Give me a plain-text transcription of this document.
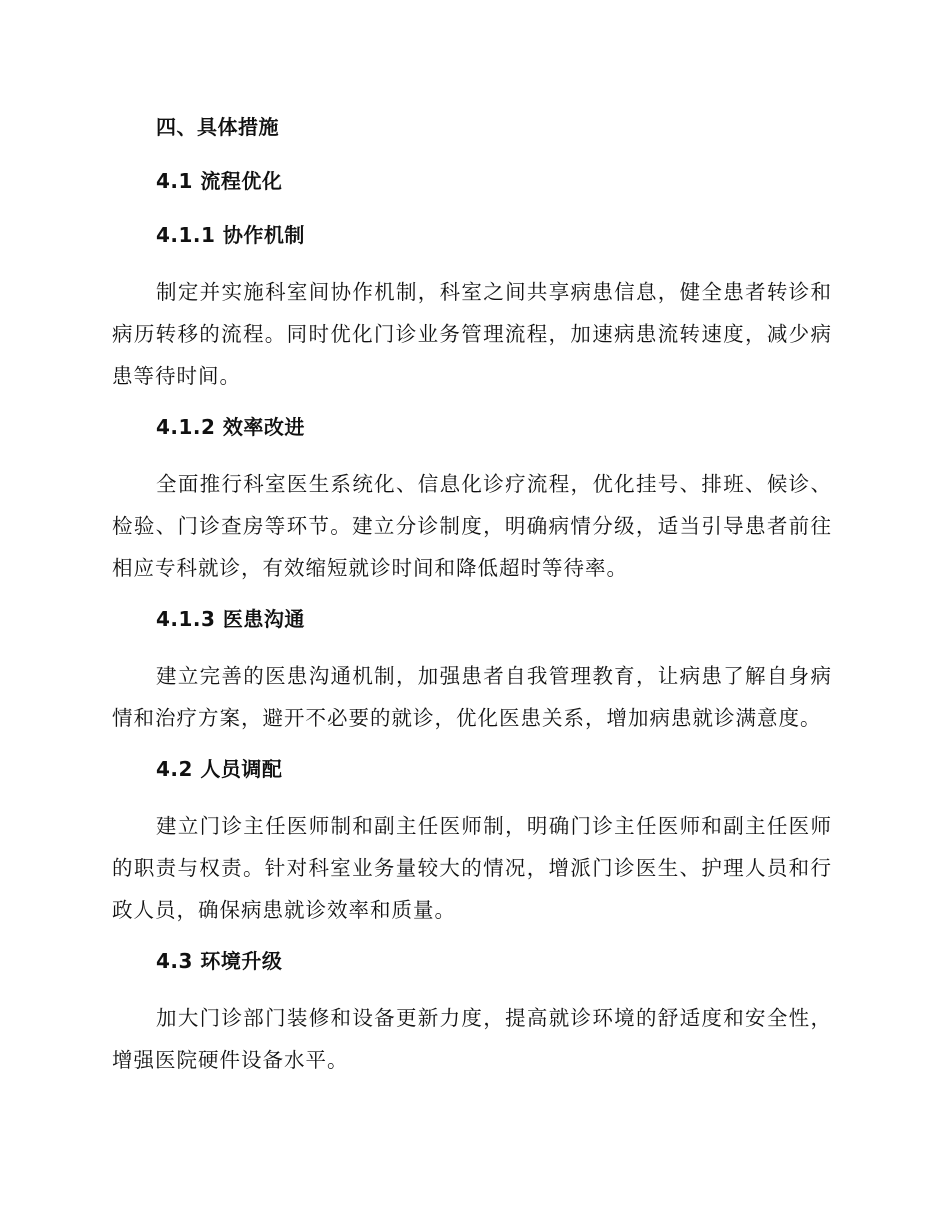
四、具体措施
4.1 流程优化
4.1.1 协作机制
制定并实施科室间协作机制，科室之间共享病患信息，健全患者转诊和病历转移的流程。同时优化门诊业务管理流程，加速病患流转速度，减少病患等待时间。
4.1.2 效率改进
全面推行科室医生系统化、信息化诊疗流程，优化挂号、排班、候诊、检验、门诊查房等环节。建立分诊制度，明确病情分级，适当引导患者前往相应专科就诊，有效缩短就诊时间和降低超时等待率。
4.1.3 医患沟通
建立完善的医患沟通机制，加强患者自我管理教育，让病患了解自身病情和治疗方案，避开不必要的就诊，优化医患关系，增加病患就诊满意度。
4.2 人员调配
建立门诊主任医师制和副主任医师制，明确门诊主任医师和副主任医师的职责与权责。针对科室业务量较大的情况，增派门诊医生、护理人员和行政人员，确保病患就诊效率和质量。
4.3 环境升级
加大门诊部门装修和设备更新力度，提高就诊环境的舒适度和安全性，增强医院硬件设备水平。
